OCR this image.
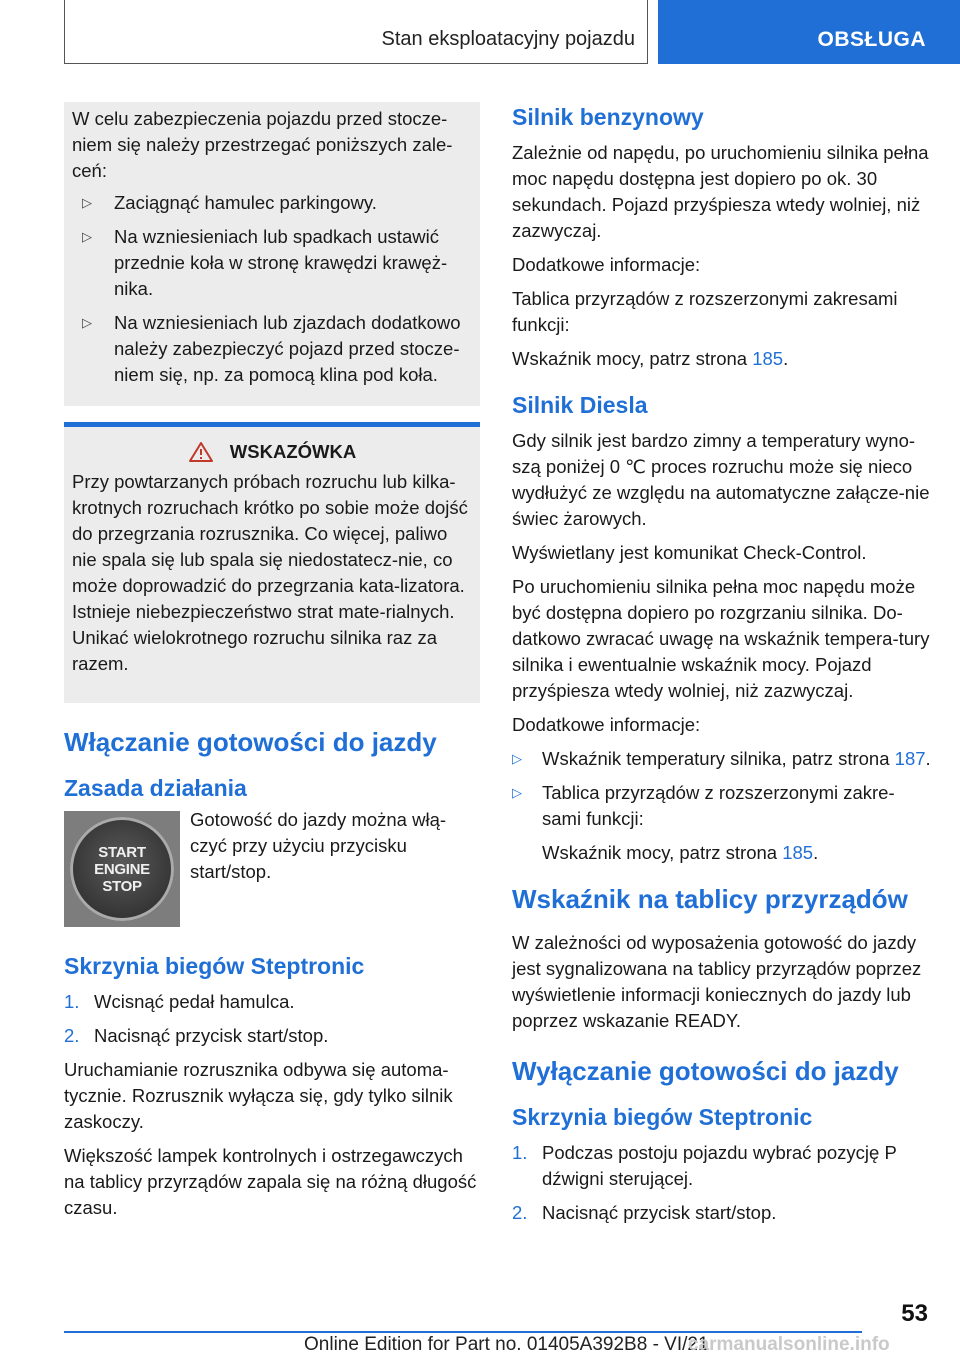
Stan eksploatacyjny pojazdu	OBSŁUGA

W celu zabezpieczenia pojazdu przed stocze-niem się należy przestrzegać poniższych zale-ceń:

▷ Zaciągnąć hamulec parkingowy.
▷ Na wzniesieniach lub spadkach ustawić przednie koła w stronę krawędzi krawęż-nika.
▷ Na wzniesieniach lub zjazdach dodatkowo należy zabezpieczyć pojazd przed stocze-niem się, np. za pomocą klina pod koła.
WSKAZÓWKA

Przy powtarzanych próbach rozruchu lub kilka-krotnych rozruchach krótko po sobie może dojść do przegrzania rozrusznika. Co więcej, paliwo nie spala się lub spala się niedostatecz-nie, co może doprowadzić do przegrzania kata-lizatora. Istnieje niebezpieczeństwo strat mate-rialnych. Unikać wielokrotnego rozruchu silnika raz za razem.

Włączanie gotowości do jazdy
Zasada działania
START
ENGINE
STOP

Gotowość do jazdy można włą-czyć przy użyciu przycisku start/stop.

Skrzynia biegów Steptronic
1. Wcisnąć pedał hamulca.
2. Nacisnąć przycisk start/stop.

Uruchamianie rozrusznika odbywa się automa-tycznie. Rozrusznik wyłącza się, gdy tylko silnik zaskoczy.

Większość lampek kontrolnych i ostrzegawczych na tablicy przyrządów zapala się na różną długość czasu.

Silnik benzynowy

Zależnie od napędu, po uruchomieniu silnika pełna moc napędu dostępna jest dopiero po ok. 30 sekundach. Pojazd przyśpiesza wtedy wolniej, niż zazwyczaj.

Dodatkowe informacje:

Tablica przyrządów z rozszerzonymi zakresami funkcji:

Wskaźnik mocy, patrz strona 185.

Silnik Diesla

Gdy silnik jest bardzo zimny a temperatury wyno-szą poniżej 0 ℃ proces rozruchu może się nieco wydłużyć ze względu na automatyczne załącze-nie świec żarowych.

Wyświetlany jest komunikat Check-Control.

Po uruchomieniu silnika pełna moc napędu może być dostępna dopiero po rozgrzaniu silnika. Do-datkowo zwracać uwagę na wskaźnik tempera-tury silnika i ewentualnie wskaźnik mocy. Pojazd przyśpiesza wtedy wolniej, niż zazwyczaj.

Dodatkowe informacje:

▷ Wskaźnik temperatury silnika, patrz strona 187.
▷ Tablica przyrządów z rozszerzonymi zakre-sami funkcji:
Wskaźnik mocy, patrz strona 185.
Wskaźnik na tablicy przyrządów

W zależności od wyposażenia gotowość do jazdy jest sygnalizowana na tablicy przyrządów poprzez wyświetlenie informacji koniecznych do jazdy lub poprzez wskazanie READY.

Wyłączanie gotowości do jazdy
Skrzynia biegów Steptronic
1. Podczas postoju pojazdu wybrać pozycję P dźwigni sterującej.
2. Nacisnąć przycisk start/stop.
53
Online Edition for Part no. 01405A392B8 - VI/21
carmanualsonline.info
